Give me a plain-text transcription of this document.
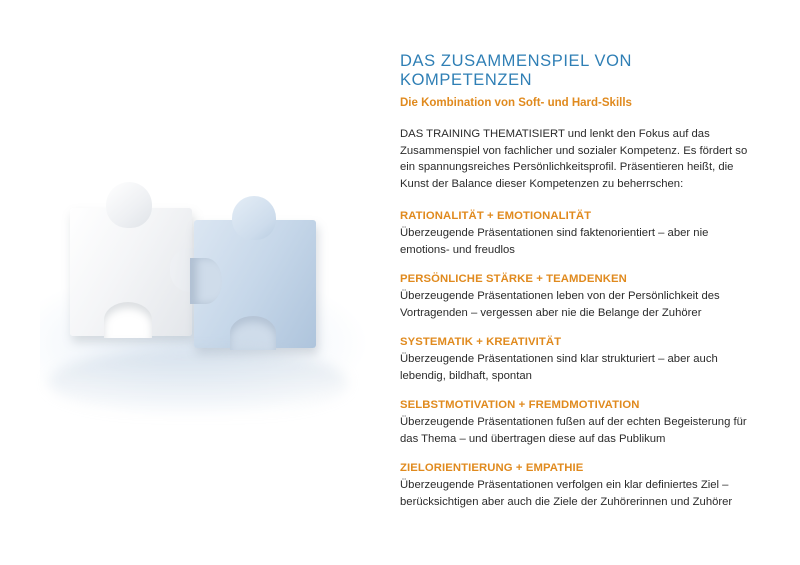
DAS ZUSAMMENSPIEL VON KOMPETENZEN
Die Kombination von Soft- und Hard-Skills

DAS TRAINING THEMATISIERT und lenkt den Fokus auf das Zusammenspiel von fachlicher und sozialer Kompetenz. Es fördert so ein spannungsreiches Persönlichkeitsprofil. Präsentieren heißt, die Kunst der Balance dieser Kompetenzen zu beherrschen:

RATIONALITÄT + EMOTIONALITÄT

Überzeugende Präsentationen sind faktenorientiert – aber nie emotions- und freudlos

PERSÖNLICHE STÄRKE + TEAMDENKEN

Überzeugende Präsentationen leben von der Persönlichkeit des Vortragenden – vergessen aber nie die Belange der Zuhörer

SYSTEMATIK + KREATIVITÄT

Überzeugende Präsentationen sind klar strukturiert – aber auch lebendig, bildhaft, spontan

SELBSTMOTIVATION + FREMDMOTIVATION

Überzeugende Präsentationen fußen auf der echten Begeisterung für das Thema – und übertragen diese auf das Publikum

ZIELORIENTIERUNG + EMPATHIE

Überzeugende Präsentationen verfolgen ein klar definiertes Ziel – berücksichtigen aber auch die Ziele der Zuhörerinnen und Zuhörer
